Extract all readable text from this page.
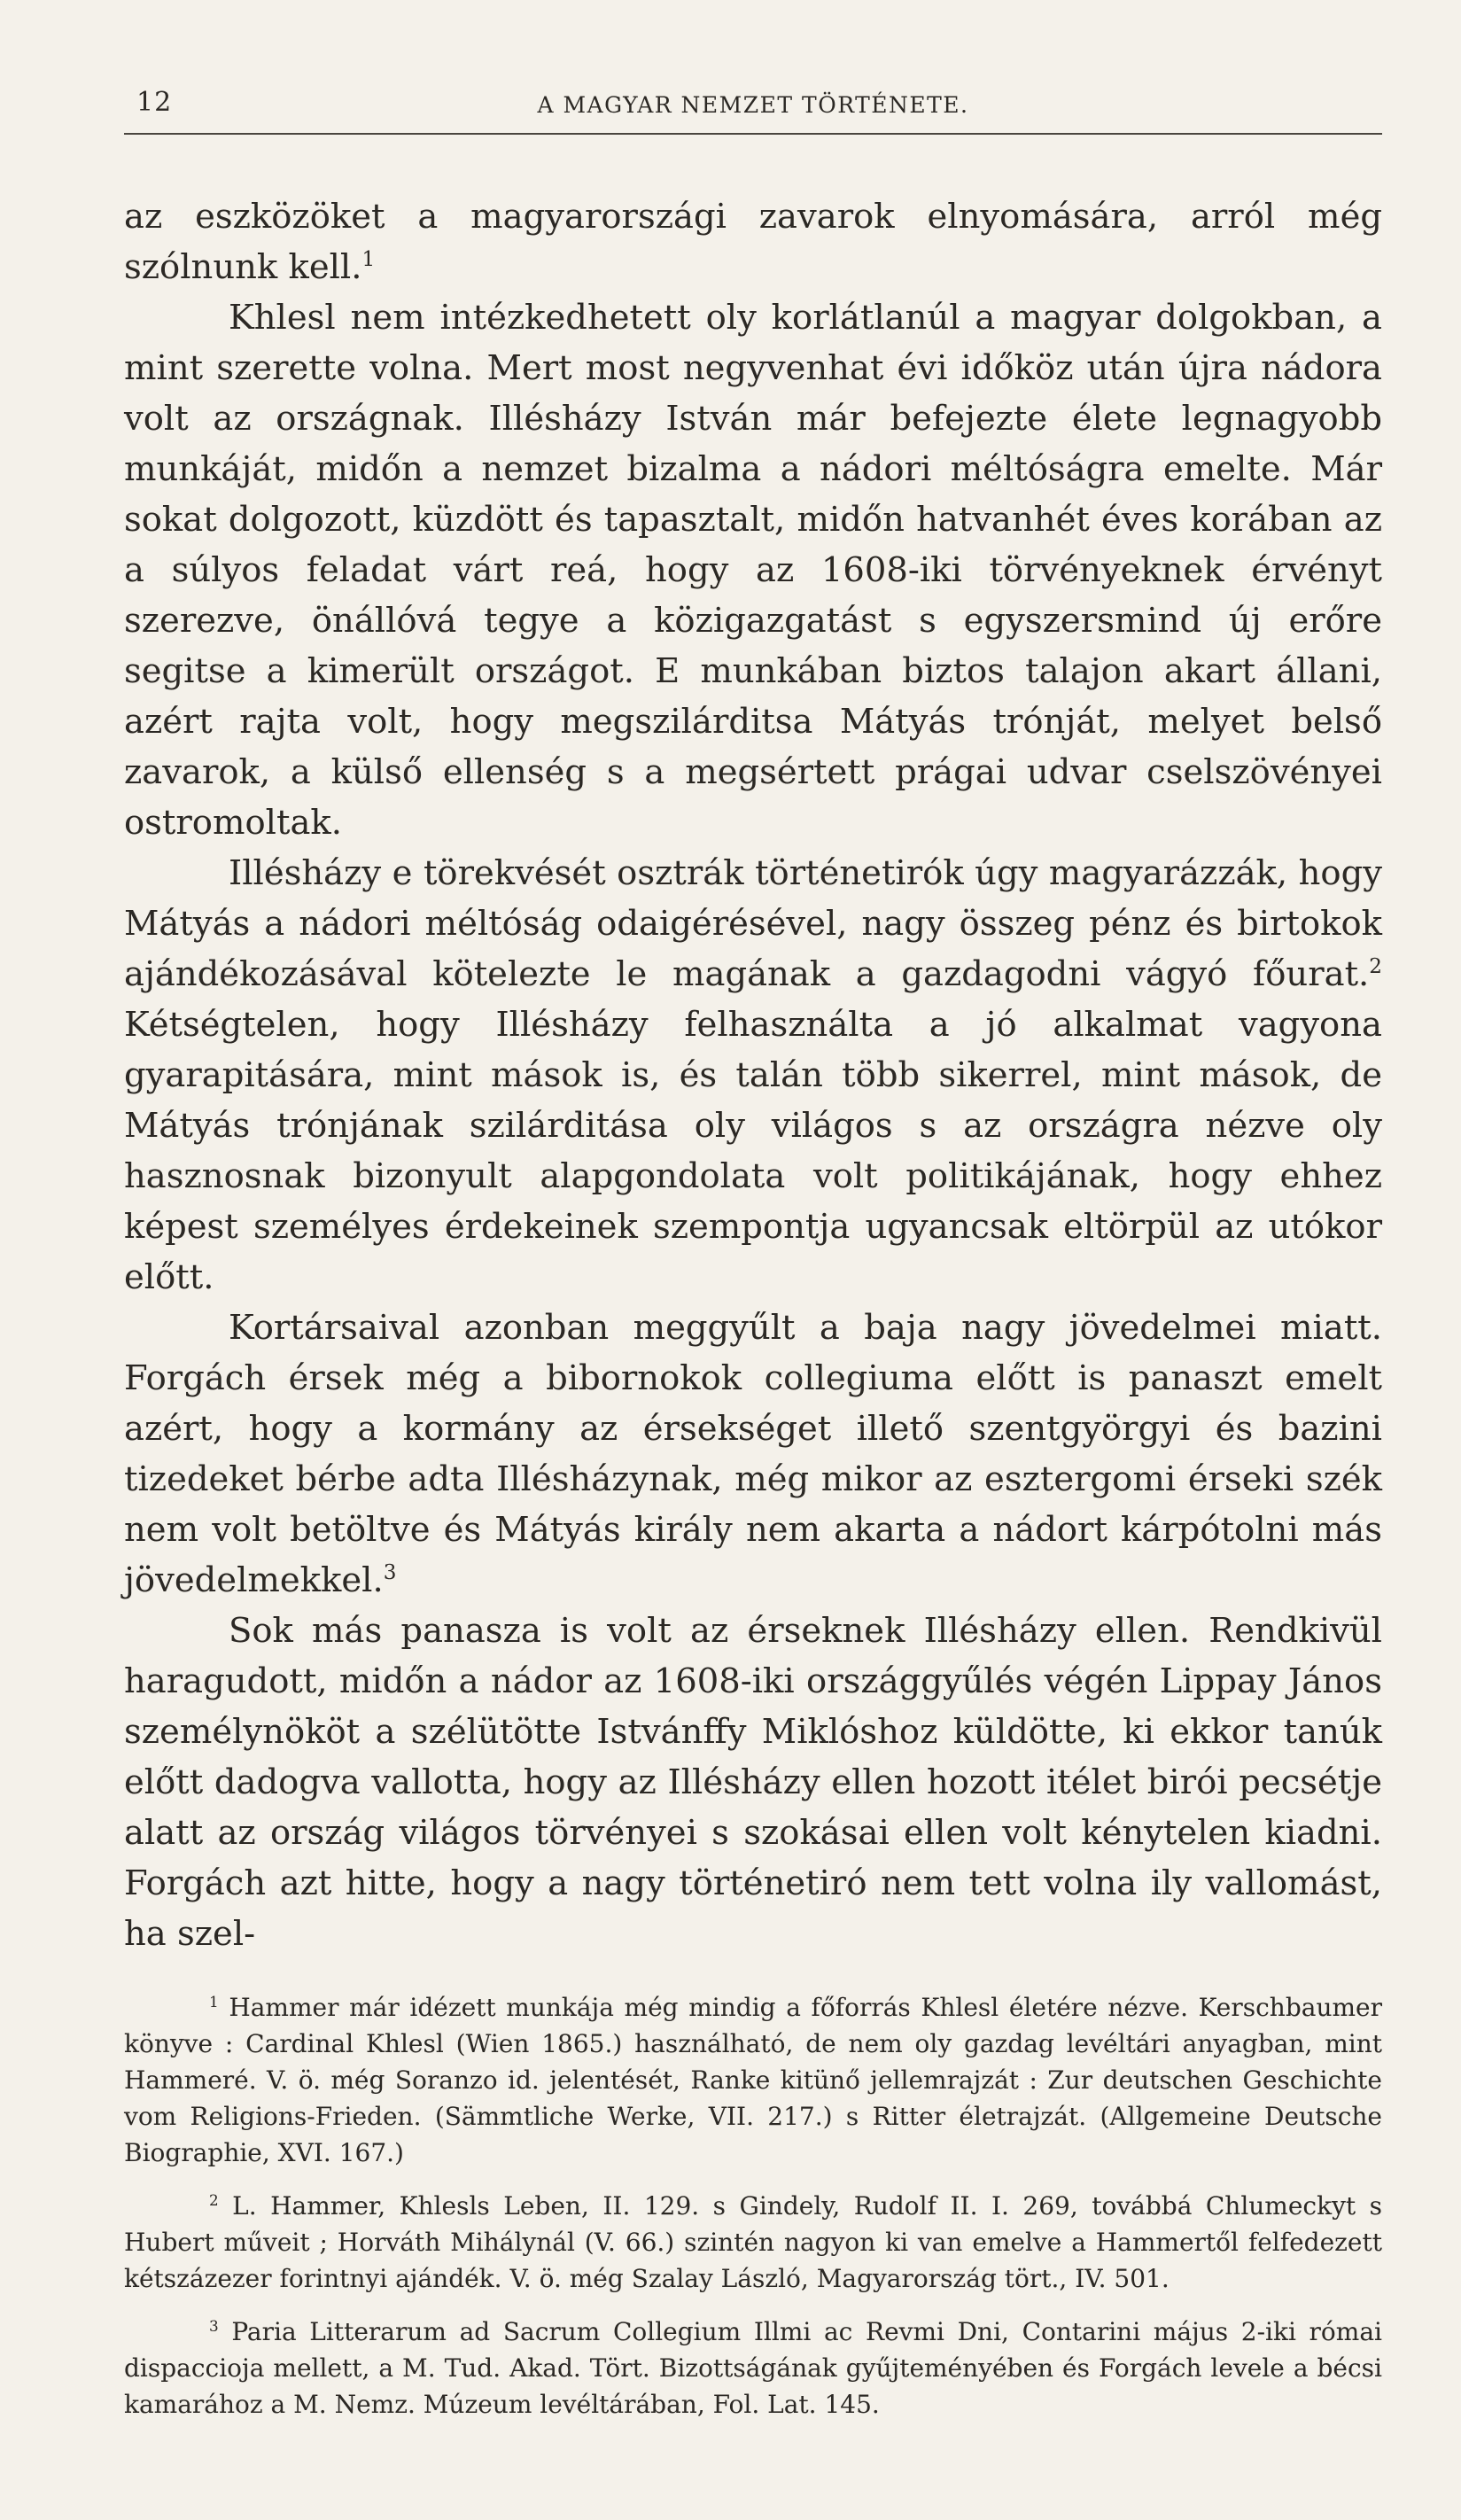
12	A MAGYAR NEMZET TÖRTÉNETE.

az eszközöket a magyarországi zavarok elnyomására, arról még szólnunk kell.$^1$

Khlesl nem intézkedhetett oly korlátlanúl a magyar dolgokban, a mint szerette volna. Mert most negyvenhat évi időköz után újra nádora volt az országnak. Illésházy István már befejezte élete legnagyobb munkáját, midőn a nemzet bizalma a nádori méltóságra emelte. Már sokat dolgozott, küzdött és tapasztalt, midőn hatvanhét éves korában az a súlyos feladat várt reá, hogy az 1608-iki törvényeknek érvényt szerezve, önállóvá tegye a közigazgatást s egyszersmind új erőre segitse a kimerült országot. E munkában biztos talajon akart állani, azért rajta volt, hogy megszilárditsa Mátyás trónját, melyet belső zavarok, a külső ellenség s a megsértett prágai udvar cselszövényei ostromoltak.

Illésházy e törekvését osztrák történetirók úgy magyarázzák, hogy Mátyás a nádori méltóság odaigérésével, nagy összeg pénz és birtokok ajándékozásával kötelezte le magának a gazdagodni vágyó főurat.$^2$ Kétségtelen, hogy Illésházy felhasználta a jó alkalmat vagyona gyarapitására, mint mások is, és talán több sikerrel, mint mások, de Mátyás trónjának szilárditása oly világos s az országra nézve oly hasznosnak bizonyult alapgondolata volt politikájának, hogy ehhez képest személyes érdekeinek szempontja ugyancsak eltörpül az utókor előtt.

Kortársaival azonban meggyűlt a baja nagy jövedelmei miatt. Forgách érsek még a bibornokok collegiuma előtt is panaszt emelt azért, hogy a kormány az érsekséget illető szentgyörgyi és bazini tizedeket bérbe adta Illésházynak, még mikor az esztergomi érseki szék nem volt betöltve és Mátyás király nem akarta a nádort kárpótolni más jövedelmekkel.$^3$

Sok más panasza is volt az érseknek Illésházy ellen. Rendkivül haragudott, midőn a nádor az 1608-iki országgyűlés végén Lippay János személynököt a szélütötte Istvánffy Miklóshoz küldötte, ki ekkor tanúk előtt dadogva vallotta, hogy az Illésházy ellen hozott itélet birói pecsétje alatt az ország világos törvényei s szokásai ellen volt kénytelen kiadni. Forgách azt hitte, hogy a nagy történetiró nem tett volna ily vallomást, ha szel-

$^1$ Hammer már idézett munkája még mindig a főforrás Khlesl életére nézve. Kerschbaumer könyve : Cardinal Khlesl (Wien 1865.) használható, de nem oly gazdag levéltári anyagban, mint Hammeré. V. ö. még Soranzo id. jelentését, Ranke kitünő jellemrajzát : Zur deutschen Geschichte vom Religions-Frieden. (Sämmtliche Werke, VII. 217.) s Ritter életrajzát. (Allgemeine Deutsche Biographie, XVI. 167.)

$^2$ L. Hammer, Khlesls Leben, II. 129. s Gindely, Rudolf II. I. 269, továbbá Chlumeckyt s Hubert műveit ; Horváth Mihálynál (V. 66.) szintén nagyon ki van emelve a Hammertől felfedezett kétszázezer forintnyi ajándék. V. ö. még Szalay László, Magyarország tört., IV. 501.

$^3$ Paria Litterarum ad Sacrum Collegium Illmi ac Revmi Dni, Contarini május 2-iki római dispaccioja mellett, a M. Tud. Akad. Tört. Bizottságának gyűjteményében és Forgách levele a bécsi kamarához a M. Nemz. Múzeum levéltárában, Fol. Lat. 145.
